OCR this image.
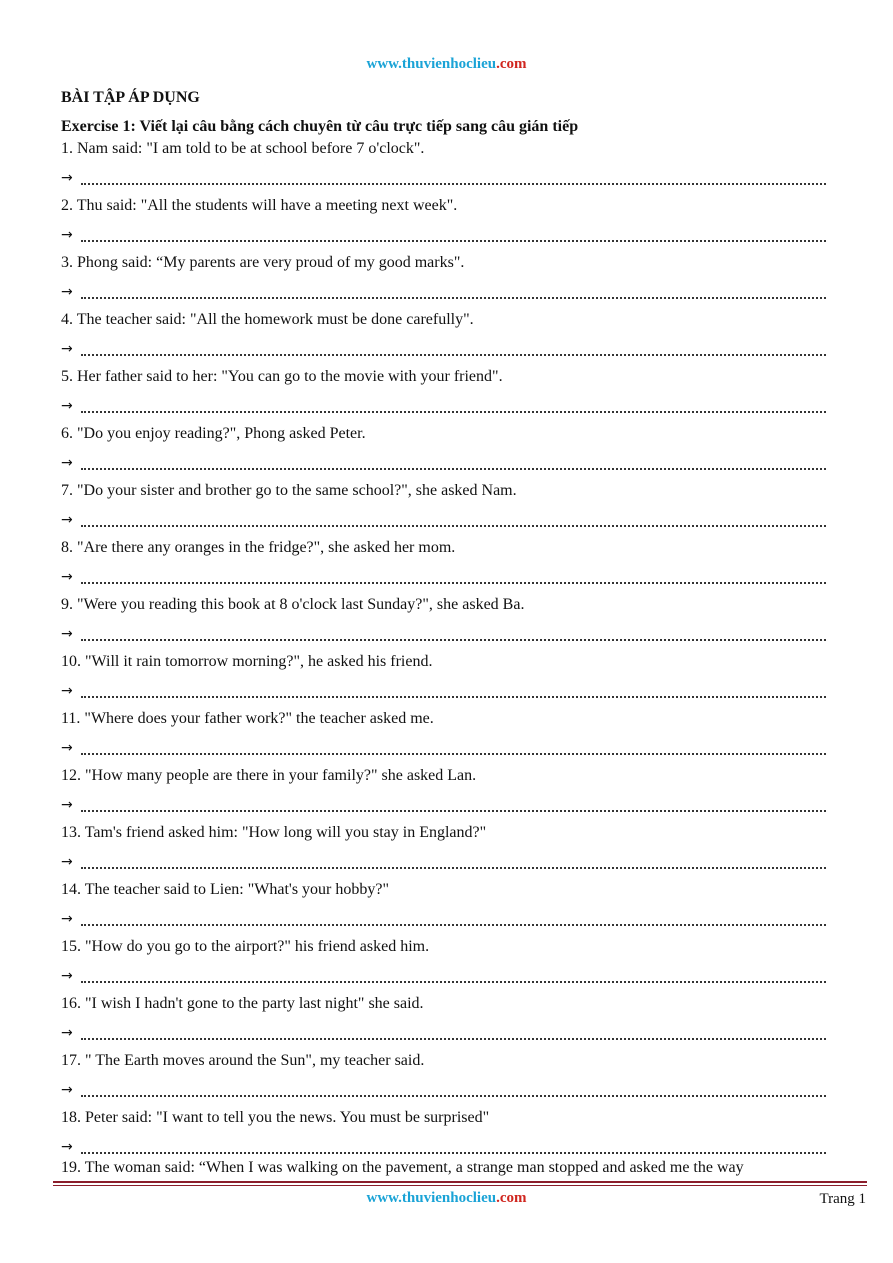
www.thuvienhoclieu.com
BÀI TẬP ÁP DỤNG
Exercise 1: Viết lại câu bằng cách chuyên từ câu trực tiếp sang câu gián tiếp
1. Nam said: "I am told to be at school before 7 o'clock".
→
2. Thu said: "All the students will have a meeting next week".
→
3. Phong said: “My parents are very proud of my good marks".
→
4. The teacher said: "All the homework must be done carefully".
→
5. Her father said to her: "You can go to the movie with your friend".
→
6. "Do you enjoy reading?", Phong asked Peter.
→
7. "Do your sister and brother go to the same school?", she asked Nam.
→
8. "Are there any oranges in the fridge?", she asked her mom.
→
9. "Were you reading this book at 8 o'clock last Sunday?", she asked Ba.
→
10. "Will it rain tomorrow morning?", he asked his friend.
→
11. "Where does your father work?" the teacher asked me.
→
12. "How many people are there in your family?" she asked Lan.
→
13. Tam's friend asked him: "How long will you stay in England?"
→
14. The teacher said to Lien: "What's your hobby?"
→
15. "How do you go to the airport?" his friend asked him.
→
16. "I wish I hadn't gone to the party last night" she said.
→
17. " The Earth moves around the Sun", my teacher said.
→
18. Peter said: "I want to tell you the news. You must be surprised"
→
19. The woman said: “When I was walking on the pavement, a strange man stopped and asked me the way
www.thuvienhoclieu.com	Trang 1
